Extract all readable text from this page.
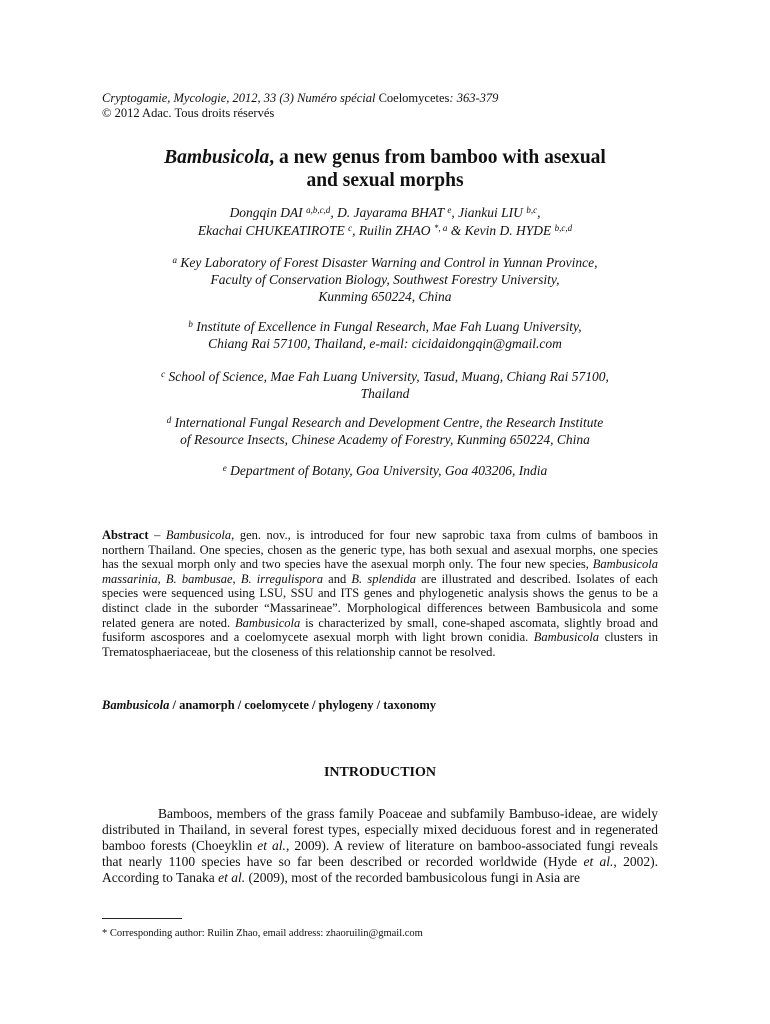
Cryptogamie, Mycologie, 2012, 33 (3) Numéro spécial Coelomycetes: 363-379
© 2012 Adac. Tous droits réservés
Bambusicola, a new genus from bamboo with asexual
and sexual morphs
Dongqin DAI $^{a,b,c,d}$, D. Jayarama BHAT $^e$, Jiankui LIU $^{b,c}$,
Ekachai CHUKEATIROTE $^c$, Ruilin ZHAO $^{*, a}$ & Kevin D. HYDE $^{b,c,d}$
$^a$ Key Laboratory of Forest Disaster Warning and Control in Yunnan Province,
Faculty of Conservation Biology, Southwest Forestry University,
Kunming 650224, China
$^b$ Institute of Excellence in Fungal Research, Mae Fah Luang University,
Chiang Rai 57100, Thailand, e-mail: cicidaidongqin@gmail.com
$^c$ School of Science, Mae Fah Luang University, Tasud, Muang, Chiang Rai 57100,
Thailand
$^d$ International Fungal Research and Development Centre, the Research Institute
of Resource Insects, Chinese Academy of Forestry, Kunming 650224, China
$^e$ Department of Botany, Goa University, Goa 403206, India
Abstract – Bambusicola, gen. nov., is introduced for four new saprobic taxa from culms of bamboos in northern Thailand. One species, chosen as the generic type, has both sexual and asexual morphs, one species has the sexual morph only and two species have the asexual morph only. The four new species, Bambusicola massarinia, B. bambusae, B. irregulispora and B. splendida are illustrated and described. Isolates of each species were sequenced using LSU, SSU and ITS genes and phylogenetic analysis shows the genus to be a distinct clade in the suborder “Massarineae”. Morphological differences between Bambusicola and some related genera are noted. Bambusicola is characterized by small, cone-shaped ascomata, slightly broad and fusiform ascospores and a coelomycete asexual morph with light brown conidia. Bambusicola clusters in Trematosphaeriaceae, but the closeness of this relationship cannot be resolved.
Bambusicola / anamorph / coelomycete / phylogeny / taxonomy
INTRODUCTION
Bamboos, members of the grass family Poaceae and subfamily Bambuso-ideae, are widely distributed in Thailand, in several forest types, especially mixed deciduous forest and in regenerated bamboo forests (Choeyklin et al., 2009). A review of literature on bamboo-associated fungi reveals that nearly 1100 species have so far been described or recorded worldwide (Hyde et al., 2002). According to Tanaka et al. (2009), most of the recorded bambusicolous fungi in Asia are
* Corresponding author: Ruilin Zhao, email address: zhaoruilin@gmail.com
